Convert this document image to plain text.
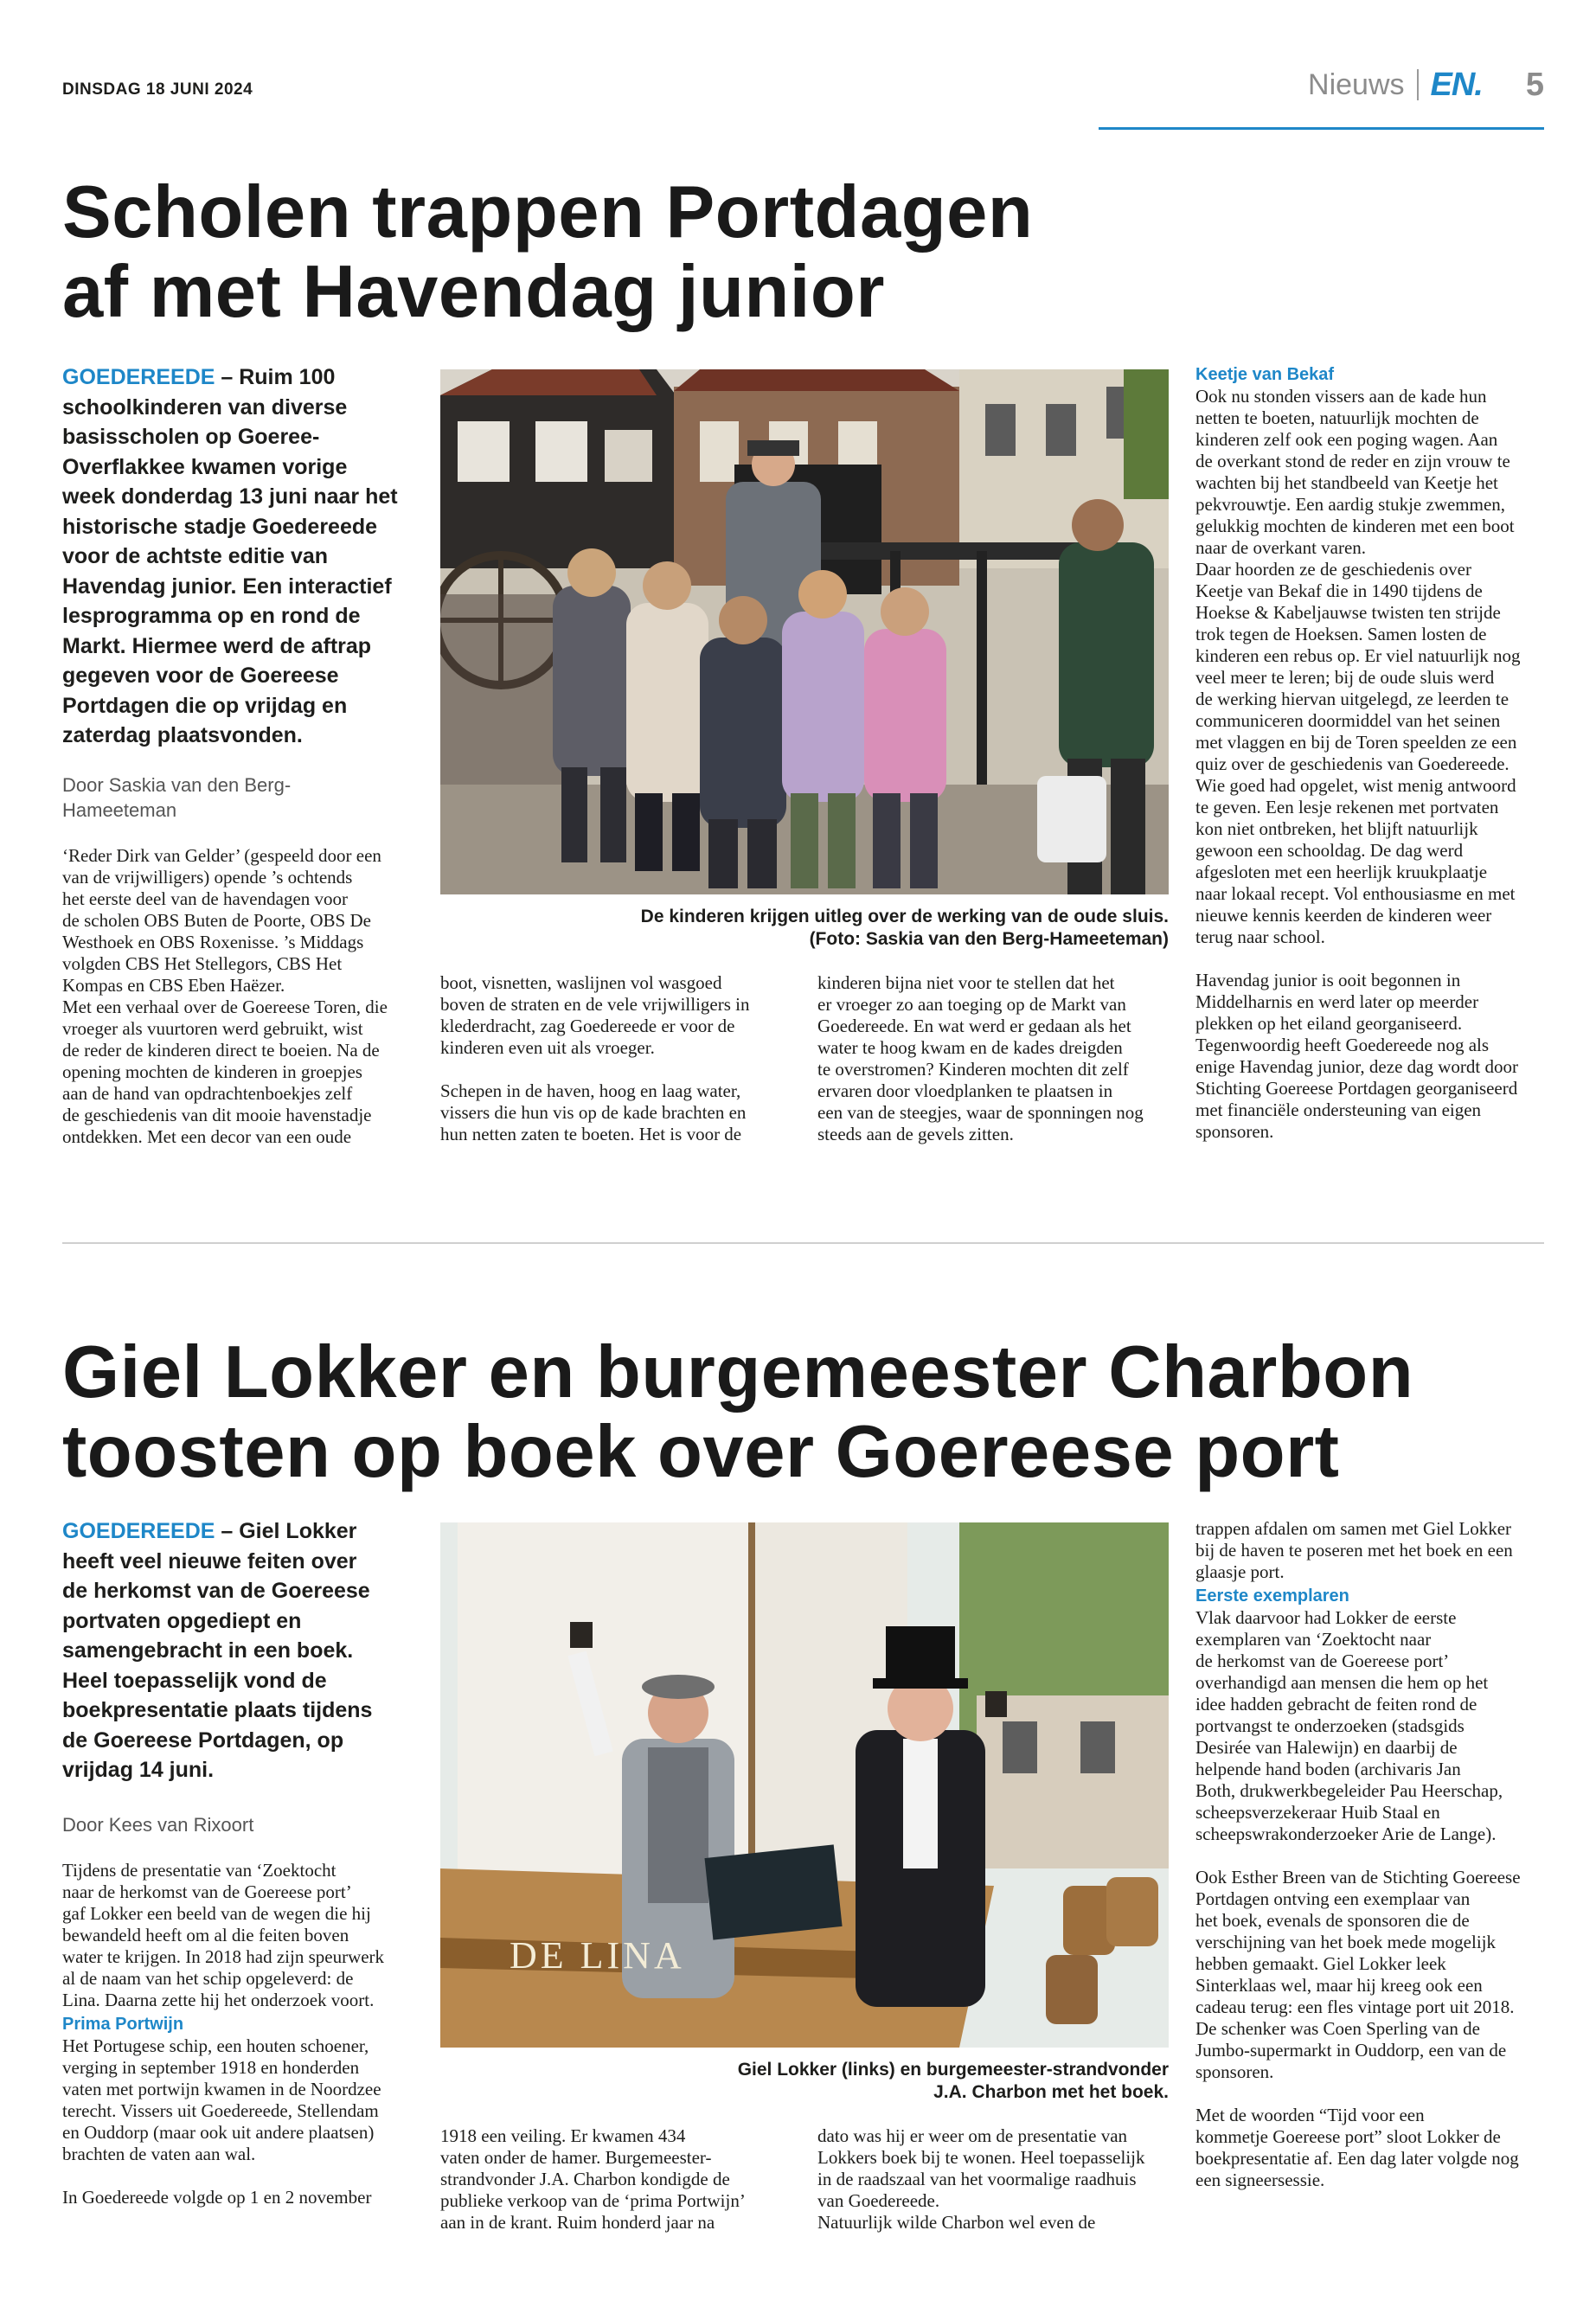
DINSDAG 18 JUNI 2024	Nieuws EN. 5
Scholen trappen Portdagen
af met Havendag junior
GOEDEREEDE – Ruim 100
schoolkinderen van diverse
basisscholen op Goeree-
Overflakkee kwamen vorige
week donderdag 13 juni naar het
historische stadje Goedereede
voor de achtste editie van
Havendag junior. Een interactief
lesprogramma op en rond de
Markt. Hiermee werd de aftrap
gegeven voor de Goereese
Portdagen die op vrijdag en
zaterdag plaatsvonden.
Door Saskia van den Berg-
Hameeteman
‘Reder Dirk van Gelder’ (gespeeld door een
van de vrijwilligers) opende ’s ochtends
het eerste deel van de havendagen voor
de scholen OBS Buten de Poorte, OBS De
Westhoek en OBS Roxenisse. ’s Middags
volgden CBS Het Stellegors, CBS Het
Kompas en CBS Eben Haëzer.
Met een verhaal over de Goereese Toren, die
vroeger als vuurtoren werd gebruikt, wist
de reder de kinderen direct te boeien. Na de
opening mochten de kinderen in groepjes
aan de hand van opdrachtenboekjes zelf
de geschiedenis van dit mooie havenstadje
ontdekken. Met een decor van een oude
De kinderen krijgen uitleg over de werking van de oude sluis.
(Foto: Saskia van den Berg-Hameeteman)

boot, visnetten, waslijnen vol wasgoed
boven de straten en de vele vrijwilligers in
klederdracht, zag Goedereede er voor de
kinderen even uit als vroeger.

Schepen in de haven, hoog en laag water,
vissers die hun vis op de kade brachten en
hun netten zaten te boeten. Het is voor de

kinderen bijna niet voor te stellen dat het
er vroeger zo aan toeging op de Markt van
Goedereede. En wat werd er gedaan als het
water te hoog kwam en de kades dreigden
te overstromen? Kinderen mochten dit zelf
ervaren door vloedplanken te plaatsen in
een van de steegjes, waar de sponningen nog
steeds aan de gevels zitten.
Keetje van Bekaf

Ook nu stonden vissers aan de kade hun
netten te boeten, natuurlijk mochten de
kinderen zelf ook een poging wagen. Aan
de overkant stond de reder en zijn vrouw te
wachten bij het standbeeld van Keetje het
pekvrouwtje. Een aardig stukje zwemmen,
gelukkig mochten de kinderen met een boot
naar de overkant varen.
Daar hoorden ze de geschiedenis over
Keetje van Bekaf die in 1490 tijdens de
Hoekse & Kabeljauwse twisten ten strijde
trok tegen de Hoeksen. Samen losten de
kinderen een rebus op. Er viel natuurlijk nog
veel meer te leren; bij de oude sluis werd
de werking hiervan uitgelegd, ze leerden te
communiceren doormiddel van het seinen
met vlaggen en bij de Toren speelden ze een
quiz over de geschiedenis van Goedereede.
Wie goed had opgelet, wist menig antwoord
te geven. Een lesje rekenen met portvaten
kon niet ontbreken, het blijft natuurlijk
gewoon een schooldag. De dag werd
afgesloten met een heerlijk kruukplaatje
naar lokaal recept. Vol enthousiasme en met
nieuwe kennis keerden de kinderen weer
terug naar school.

Havendag junior is ooit begonnen in
Middelharnis en werd later op meerder
plekken op het eiland georganiseerd.
Tegenwoordig heeft Goedereede nog als
enige Havendag junior, deze dag wordt door
Stichting Goereese Portdagen georganiseerd
met financiële ondersteuning van eigen
sponsoren.

Giel Lokker en burgemeester Charbon
toosten op boek over Goereese port
GOEDEREEDE – Giel Lokker
heeft veel nieuwe feiten over
de herkomst van de Goereese
portvaten opgediept en
samengebracht in een boek.
Heel toepasselijk vond de
boekpresentatie plaats tijdens
de Goereese Portdagen, op
vrijdag 14 juni.
Door Kees van Rixoort

Tijdens de presentatie van ‘Zoektocht
naar de herkomst van de Goereese port’
gaf Lokker een beeld van de wegen die hij
bewandeld heeft om al die feiten boven
water te krijgen. In 2018 had zijn speurwerk
al de naam van het schip opgeleverd: de
Lina. Daarna zette hij het onderzoek voort.

Prima Portwijn

Het Portugese schip, een houten schoener,
verging in september 1918 en honderden
vaten met portwijn kwamen in de Noordzee
terecht. Vissers uit Goedereede, Stellendam
en Ouddorp (maar ook uit andere plaatsen)
brachten de vaten aan wal.

In Goedereede volgde op 1 en 2 november

DE LINA
Giel Lokker (links) en burgemeester-strandvonder
J.A. Charbon met het boek.
1918 een veiling. Er kwamen 434
vaten onder de hamer. Burgemeester-
strandvonder J.A. Charbon kondigde de
publieke verkoop van de ‘prima Portwijn’
aan in de krant. Ruim honderd jaar na
dato was hij er weer om de presentatie van
Lokkers boek bij te wonen. Heel toepasselijk
in de raadszaal van het voormalige raadhuis
van Goedereede.
Natuurlijk wilde Charbon wel even de

trappen afdalen om samen met Giel Lokker
bij de haven te poseren met het boek en een
glaasje port.

Eerste exemplaren

Vlak daarvoor had Lokker de eerste
exemplaren van ‘Zoektocht naar
de herkomst van de Goereese port’
overhandigd aan mensen die hem op het
idee hadden gebracht de feiten rond de
portvangst te onderzoeken (stadsgids
Desirée van Halewijn) en daarbij de
helpende hand boden (archivaris Jan
Both, drukwerkbegeleider Pau Heerschap,
scheepsverzekeraar Huib Staal en
scheepswrakonderzoeker Arie de Lange).

Ook Esther Breen van de Stichting Goereese
Portdagen ontving een exemplaar van
het boek, evenals de sponsoren die de
verschijning van het boek mede mogelijk
hebben gemaakt. Giel Lokker leek
Sinterklaas wel, maar hij kreeg ook een
cadeau terug: een fles vintage port uit 2018.
De schenker was Coen Sperling van de
Jumbo-supermarkt in Ouddorp, een van de
sponsoren.

Met de woorden “Tijd voor een
kommetje Goereese port” sloot Lokker de
boekpresentatie af. Een dag later volgde nog
een signeersessie.
